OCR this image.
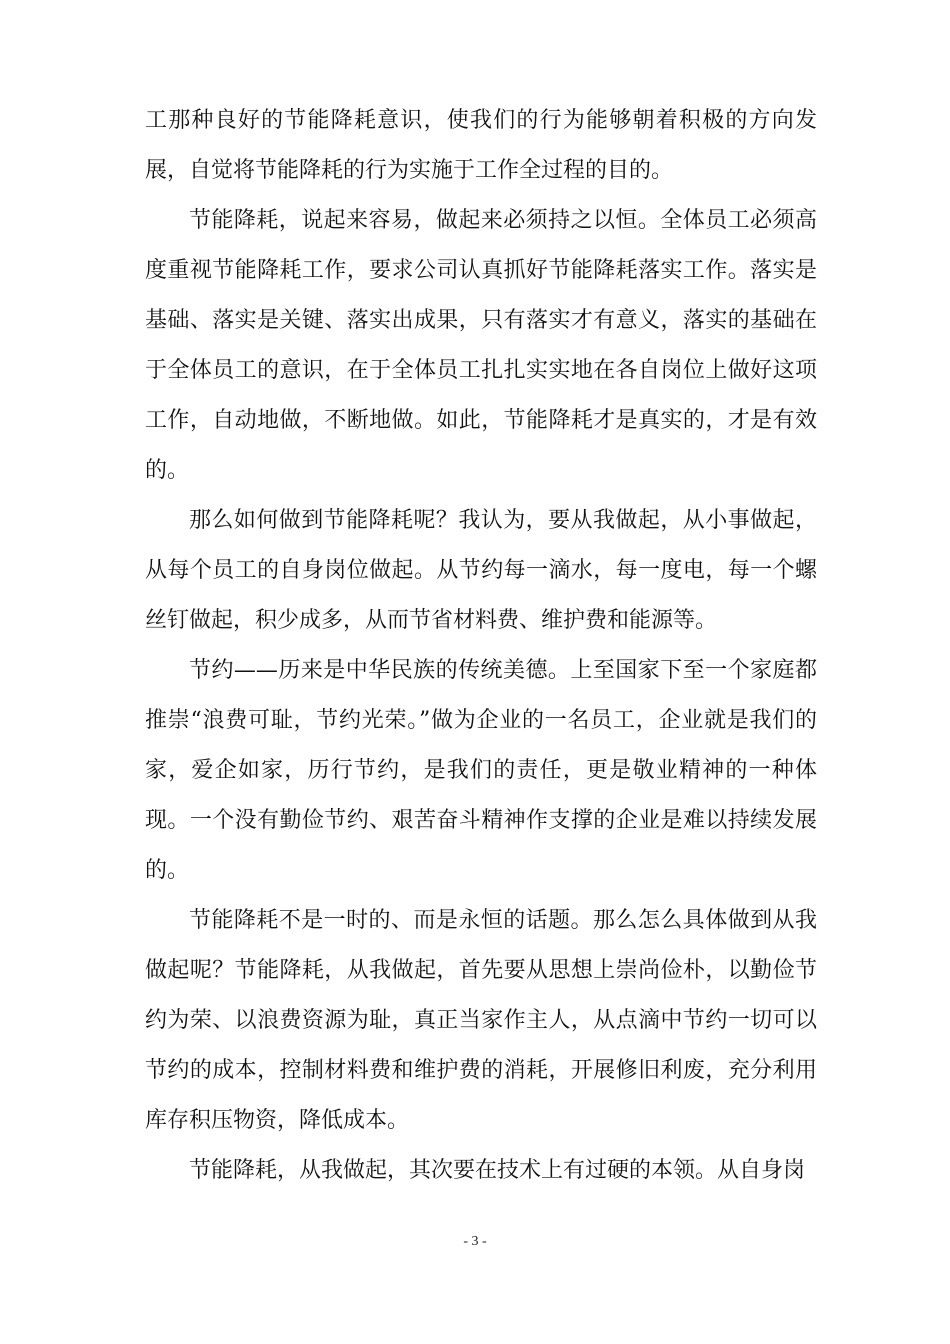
工那种良好的节能降耗意识，使我们的行为能够朝着积极的方向发展，自觉将节能降耗的行为实施于工作全过程的目的。

节能降耗，说起来容易，做起来必须持之以恒。全体员工必须高度重视节能降耗工作，要求公司认真抓好节能降耗落实工作。落实是基础、落实是关键、落实出成果，只有落实才有意义，落实的基础在于全体员工的意识，在于全体员工扎扎实实地在各自岗位上做好这项工作，自动地做，不断地做。如此，节能降耗才是真实的，才是有效的。

那么如何做到节能降耗呢？我认为，要从我做起，从小事做起，从每个员工的自身岗位做起。从节约每一滴水，每一度电，每一个螺丝钉做起，积少成多，从而节省材料费、维护费和能源等。

节约——历来是中华民族的传统美德。上至国家下至一个家庭都推崇“浪费可耻，节约光荣。”做为企业的一名员工，企业就是我们的家，爱企如家，历行节约，是我们的责任，更是敬业精神的一种体现。一个没有勤俭节约、艰苦奋斗精神作支撑的企业是难以持续发展的。

节能降耗不是一时的、而是永恒的话题。那么怎么具体做到从我做起呢？节能降耗，从我做起，首先要从思想上崇尚俭朴，以勤俭节约为荣、以浪费资源为耻，真正当家作主人，从点滴中节约一切可以节约的成本，控制材料费和维护费的消耗，开展修旧利废，充分利用库存积压物资，降低成本。

节能降耗，从我做起，其次要在技术上有过硬的本领。从自身岗

- 3 -
